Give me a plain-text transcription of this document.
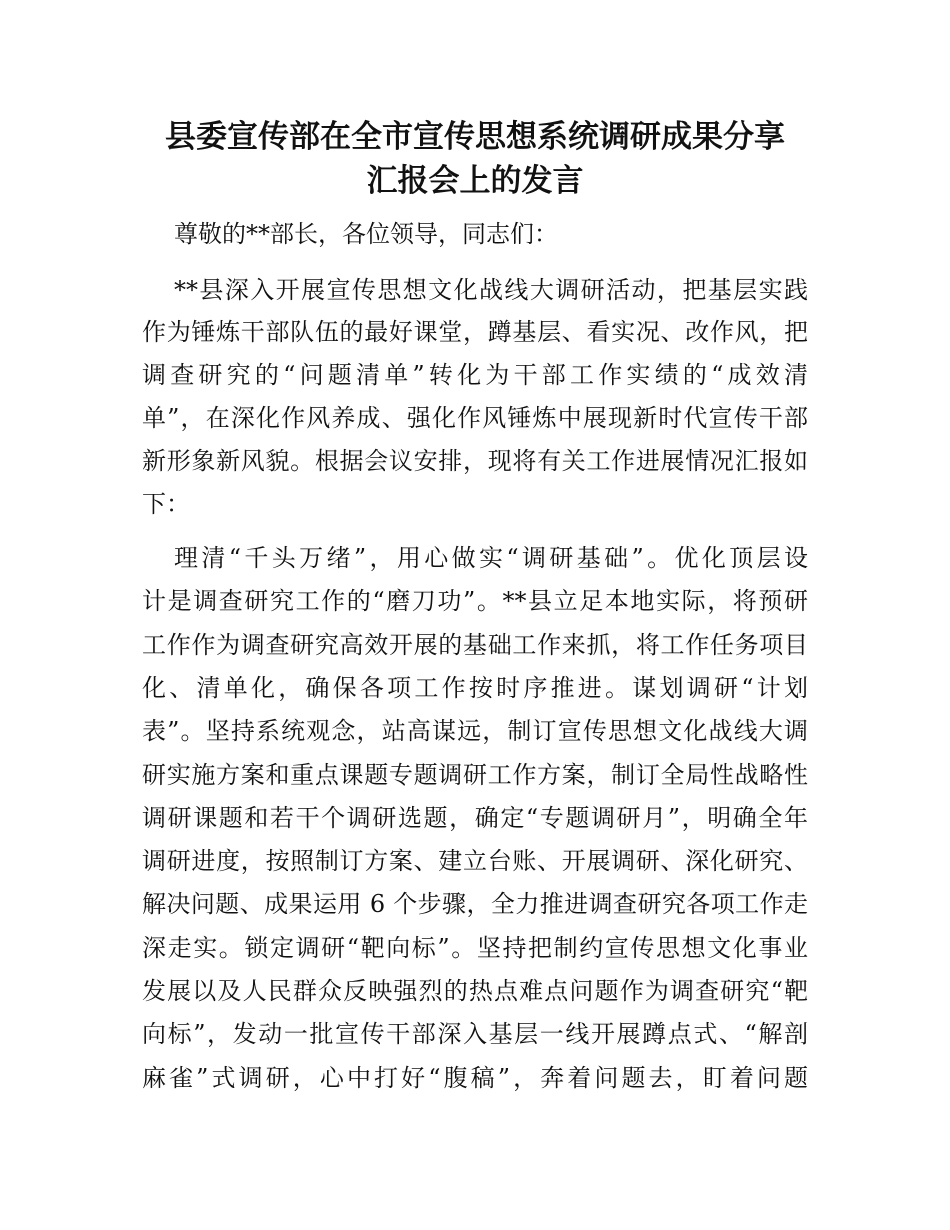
县委宣传部在全市宣传思想系统调研成果分享
汇报会上的发言
尊敬的**部长，各位领导，同志们：
**县深入开展宣传思想文化战线大调研活动，把基层实践
作为锤炼干部队伍的最好课堂，蹲基层、看实况、改作风，把
调查研究的“问题清单”转化为干部工作实绩的“成效清
单”，在深化作风养成、强化作风锤炼中展现新时代宣传干部
新形象新风貌。根据会议安排，现将有关工作进展情况汇报如
下：
理清“千头万绪”，用心做实“调研基础”。优化顶层设
计是调查研究工作的“磨刀功”。**县立足本地实际，将预研
工作作为调查研究高效开展的基础工作来抓，将工作任务项目
化、清单化，确保各项工作按时序推进。谋划调研“计划
表”。坚持系统观念，站高谋远，制订宣传思想文化战线大调
研实施方案和重点课题专题调研工作方案，制订全局性战略性
调研课题和若干个调研选题，确定“专题调研月”，明确全年
调研进度，按照制订方案、建立台账、开展调研、深化研究、
解决问题、成果运用 6 个步骤，全力推进调查研究各项工作走
深走实。锁定调研“靶向标”。坚持把制约宣传思想文化事业
发展以及人民群众反映强烈的热点难点问题作为调查研究“靶
向标”，发动一批宣传干部深入基层一线开展蹲点式、“解剖
麻雀”式调研，心中打好“腹稿”，奔着问题去，盯着问题
